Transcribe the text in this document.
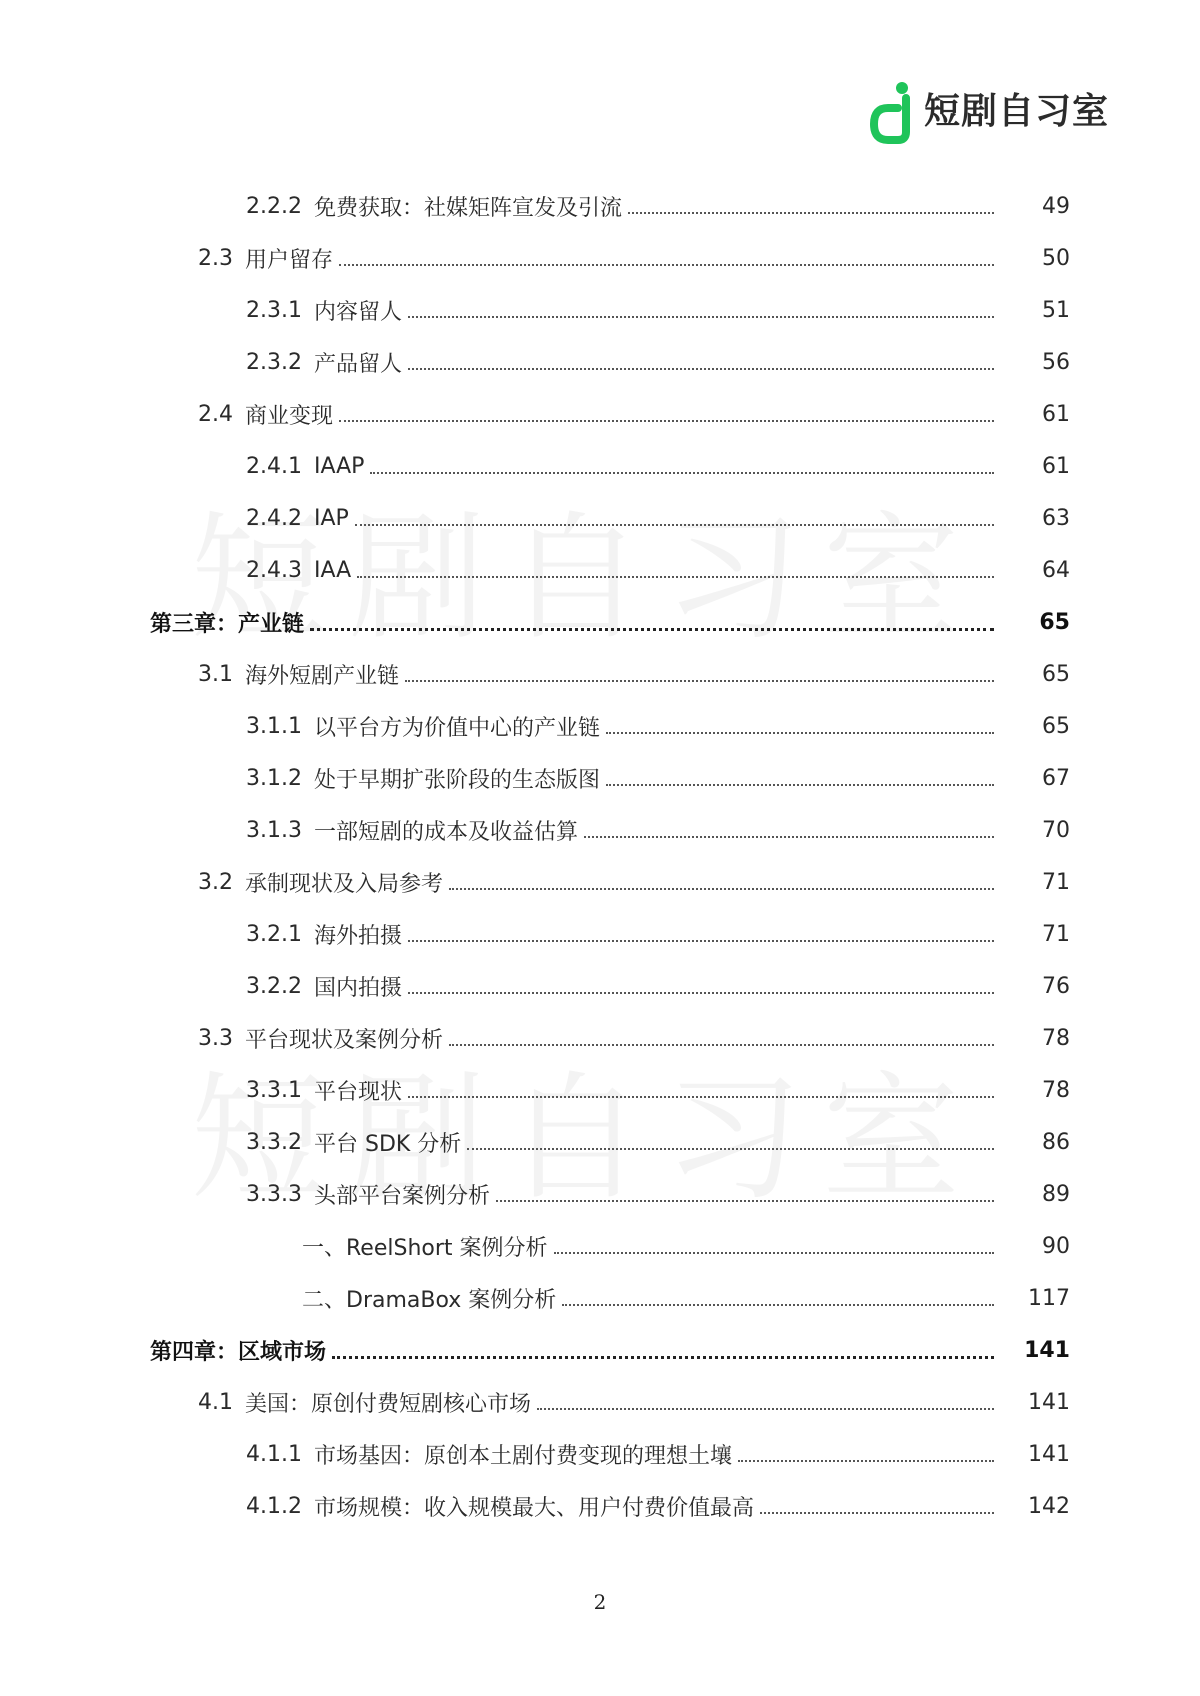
短剧自习室
2.2.2 免费获取：社媒矩阵宣发及引流	49
2.3 用户留存	50
2.3.1 内容留人	51
2.3.2 产品留人	56
2.4 商业变现	61
2.4.1 IAAP	61
2.4.2 IAP	63
2.4.3 IAA	64
第三章：产业链	65
3.1 海外短剧产业链	65
3.1.1 以平台方为价值中心的产业链	65
3.1.2 处于早期扩张阶段的生态版图	67
3.1.3 一部短剧的成本及收益估算	70
3.2 承制现状及入局参考	71
3.2.1 海外拍摄	71
3.2.2 国内拍摄	76
3.3 平台现状及案例分析	78
3.3.1 平台现状	78
3.3.2 平台 SDK 分析	86
3.3.3 头部平台案例分析	89
一、ReelShort 案例分析	90
二、DramaBox 案例分析	117
第四章：区域市场	141
4.1 美国：原创付费短剧核心市场	141
4.1.1 市场基因：原创本土剧付费变现的理想土壤	141
4.1.2 市场规模：收入规模最大、用户付费价值最高	142
2
